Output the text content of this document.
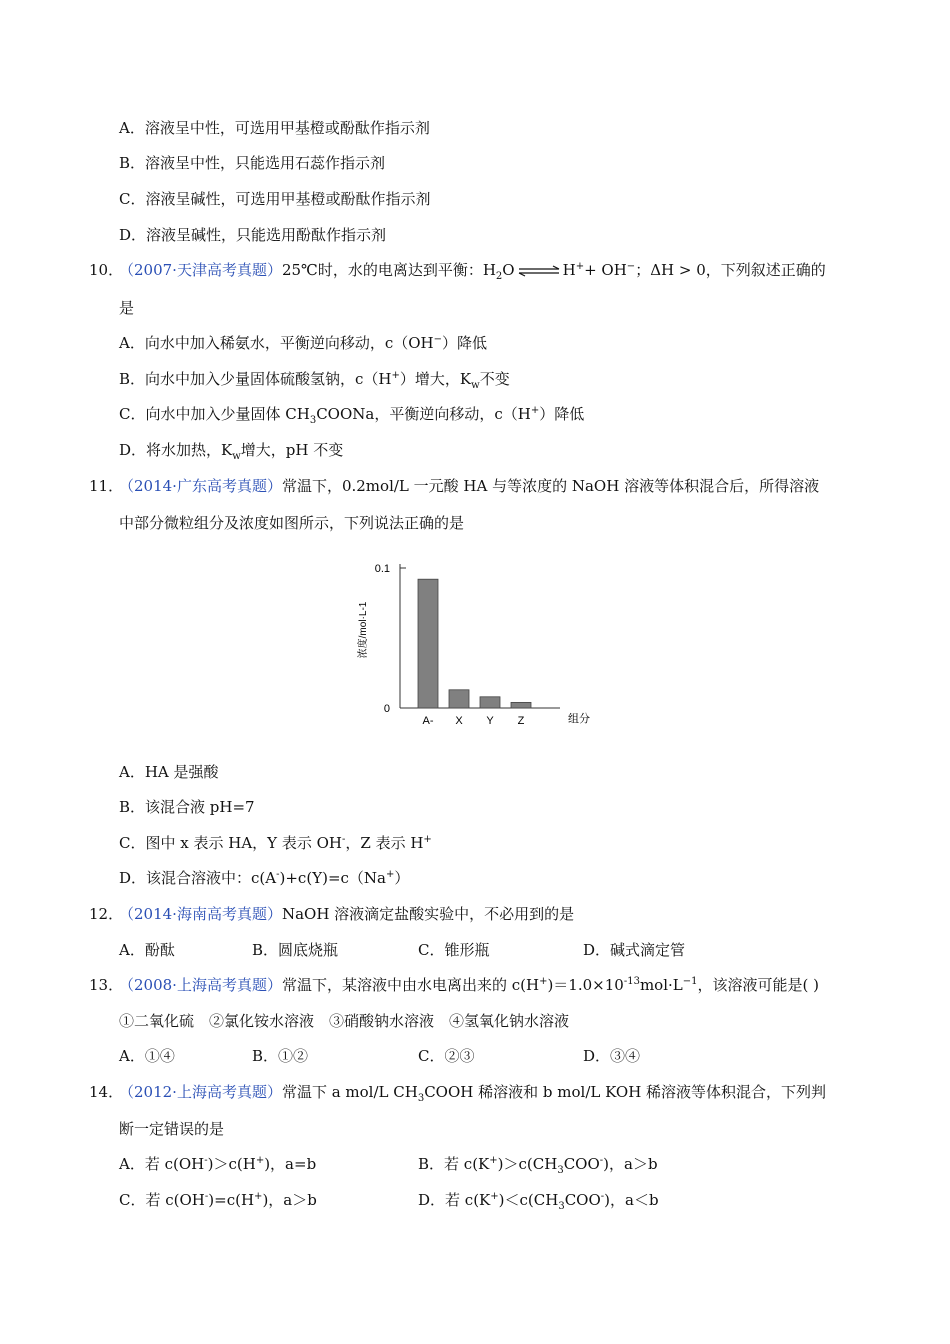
A．溶液呈中性，可选用甲基橙或酚酞作指示剂
B．溶液呈中性，只能选用石蕊作指示剂
C．溶液呈碱性，可选用甲基橙或酚酞作指示剂
D．溶液呈碱性，只能选用酚酞作指示剂
10．
（2007·天津高考真题）25℃时，水的电离达到平衡：$H_2O$ ⇌ H++ OH−；ΔH > 0，下列叙述正确的
是
A．向水中加入稀氨水，平衡逆向移动，c（OH−）降低
B．向水中加入少量固体硫酸氢钠，c（H+）增大，$K_w$不变
C．向水中加入少量固体 $CH_3COONa$，平衡逆向移动，c（H+）降低
D．将水加热，$K_w$增大，pH 不变
11．
（2014·广东高考真题）常温下，0.2mol/L 一元酸 HA 与等浓度的 NaOH 溶液等体积混合后，所得溶液
中部分微粒组分及浓度如图所示，下列说法正确的是
0
0.1
浓度/mol·L-1
组分
A- X Y Z
A．HA 是强酸
B．该混合液 pH=7
C．图中 x 表示 HA，Y 表示 OH-，Z 表示 H+
D．该混合溶液中：c(A-)+c(Y)=c（Na+）
12．
（2014·海南高考真题）NaOH 溶液滴定盐酸实验中，不必用到的是
A．酚酞	B．圆底烧瓶	C．锥形瓶	D．碱式滴定管
13．
（2008·上海高考真题）常温下，某溶液中由水电离出来的 $c(H^+)=1.0\times 10^{-13}mol\cdot L^{-1}$，该溶液可能是( )
①二氧化硫　②氯化铵水溶液　③硝酸钠水溶液　④氢氧化钠水溶液
A．①④	B．①②	C．②③	D．③④
14．
（2012·上海高考真题）常温下 a mol/L $CH_3COOH$ 稀溶液和 b mol/L KOH 稀溶液等体积混合，下列判
断一定错误的是
A．若 c(OH-)＞c(H+)，a=b	B．若 $c(K^+)>c(CH_3COO^-)$，a＞b
C．若 c(OH-)=c(H+)，a＞b	D．若 $c(K^+)<c(CH_3COO^-)$，a＜b
